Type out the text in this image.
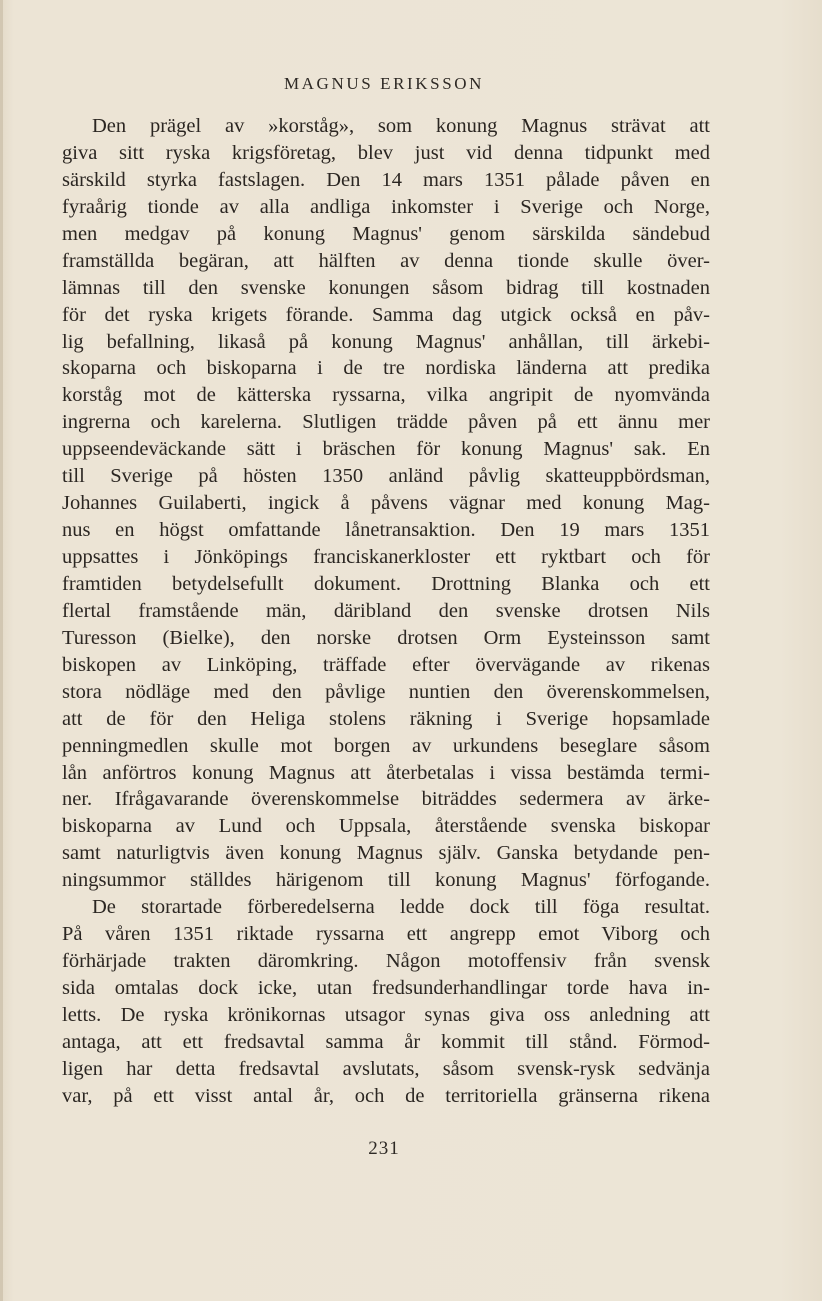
MAGNUS ERIKSSON
Den prägel av »korståg», som konung Magnus strävat att
giva sitt ryska krigsföretag, blev just vid denna tidpunkt med
särskild styrka fastslagen. Den 14 mars 1351 pålade påven en
fyraårig tionde av alla andliga inkomster i Sverige och Norge,
men medgav på konung Magnus' genom särskilda sändebud
framställda begäran, att hälften av denna tionde skulle över-
lämnas till den svenske konungen såsom bidrag till kostnaden
för det ryska krigets förande. Samma dag utgick också en påv-
lig befallning, likaså på konung Magnus' anhållan, till ärkebi-
skoparna och biskoparna i de tre nordiska länderna att predika
korståg mot de kätterska ryssarna, vilka angripit de nyomvända
ingrerna och karelerna. Slutligen trädde påven på ett ännu mer
uppseendeväckande sätt i bräschen för konung Magnus' sak. En
till Sverige på hösten 1350 anländ påvlig skatteuppbördsman,
Johannes Guilaberti, ingick å påvens vägnar med konung Mag-
nus en högst omfattande lånetransaktion. Den 19 mars 1351
uppsattes i Jönköpings franciskanerkloster ett ryktbart och för
framtiden betydelsefullt dokument. Drottning Blanka och ett
flertal framstående män, däribland den svenske drotsen Nils
Turesson (Bielke), den norske drotsen Orm Eysteinsson samt
biskopen av Linköping, träffade efter övervägande av rikenas
stora nödläge med den påvlige nuntien den överenskommelsen,
att de för den Heliga stolens räkning i Sverige hopsamlade
penningmedlen skulle mot borgen av urkundens beseglare såsom
lån anförtros konung Magnus att återbetalas i vissa bestämda termi-
ner. Ifrågavarande överenskommelse biträddes sedermera av ärke-
biskoparna av Lund och Uppsala, återstående svenska biskopar
samt naturligtvis även konung Magnus själv. Ganska betydande pen-
ningsummor ställdes härigenom till konung Magnus' förfogande.
De storartade förberedelserna ledde dock till föga resultat.
På våren 1351 riktade ryssarna ett angrepp emot Viborg och
förhärjade trakten däromkring. Någon motoffensiv från svensk
sida omtalas dock icke, utan fredsunderhandlingar torde hava in-
letts. De ryska krönikornas utsagor synas giva oss anledning att
antaga, att ett fredsavtal samma år kommit till stånd. Förmod-
ligen har detta fredsavtal avslutats, såsom svensk-rysk sedvänja
var, på ett visst antal år, och de territoriella gränserna rikena
231
